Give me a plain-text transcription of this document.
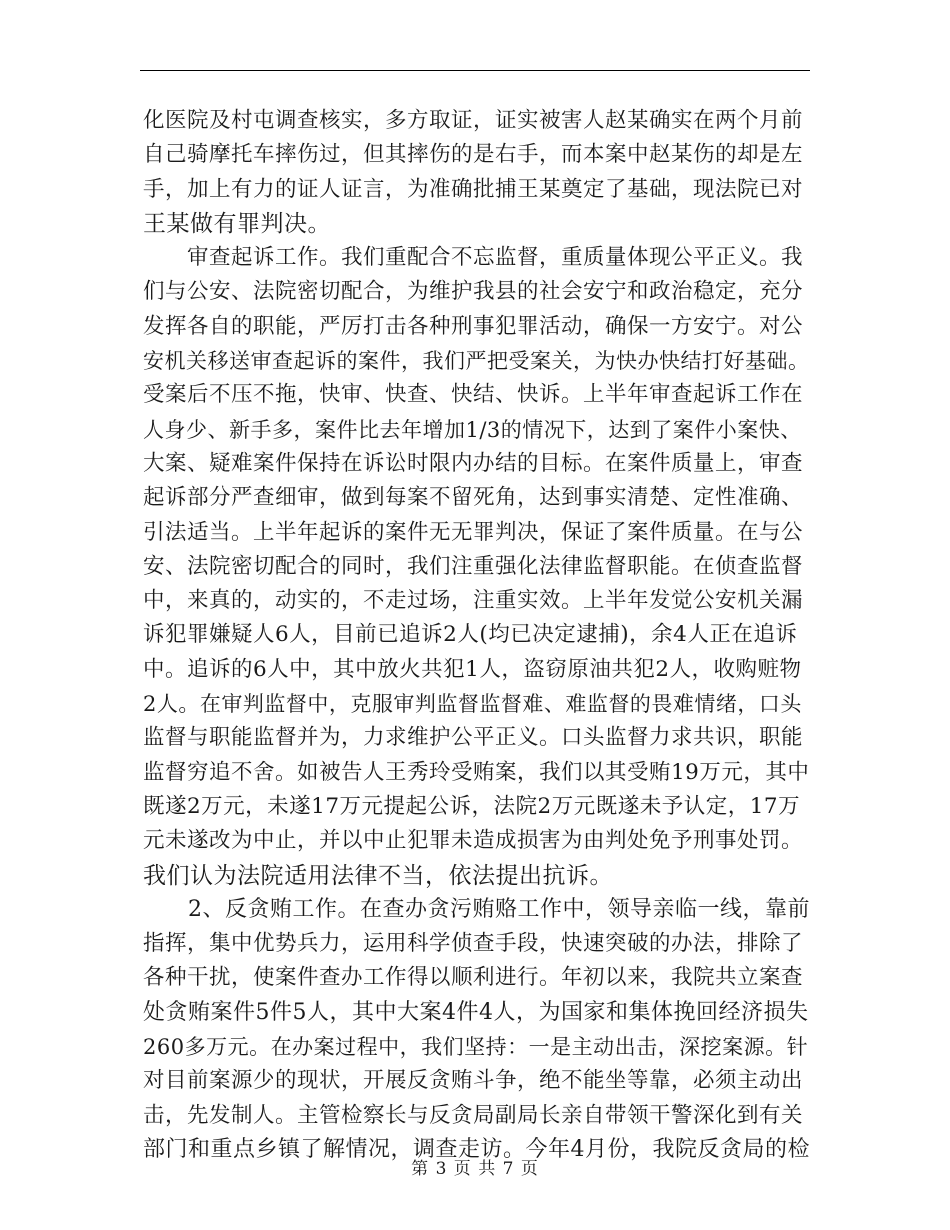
化医院及村屯调查核实，多方取证，证实被害人赵某确实在两个月前
自己骑摩托车摔伤过，但其摔伤的是右手，而本案中赵某伤的却是左
手，加上有力的证人证言，为准确批捕王某奠定了基础，现法院已对
王某做有罪判决。
　　审查起诉工作。我们重配合不忘监督，重质量体现公平正义。我
们与公安、法院密切配合，为维护我县的社会安宁和政治稳定，充分
发挥各自的职能，严厉打击各种刑事犯罪活动，确保一方安宁。对公
安机关移送审查起诉的案件，我们严把受案关，为快办快结打好基础。
受案后不压不拖，快审、快查、快结、快诉。上半年审查起诉工作在
人身少、新手多，案件比去年增加1/3的情况下，达到了案件小案快、
大案、疑难案件保持在诉讼时限内办结的目标。在案件质量上，审查
起诉部分严查细审，做到每案不留死角，达到事实清楚、定性准确、
引法适当。上半年起诉的案件无无罪判决，保证了案件质量。在与公
安、法院密切配合的同时，我们注重强化法律监督职能。在侦查监督
中，来真的，动实的，不走过场，注重实效。上半年发觉公安机关漏
诉犯罪嫌疑人6人，目前已追诉2人(均已决定逮捕)，余4人正在追诉
中。追诉的6人中，其中放火共犯1人，盗窃原油共犯2人，收购赃物
2人。在审判监督中，克服审判监督监督难、难监督的畏难情绪，口头
监督与职能监督并为，力求维护公平正义。口头监督力求共识，职能
监督穷追不舍。如被告人王秀玲受贿案，我们以其受贿19万元，其中
既遂2万元，未遂17万元提起公诉，法院2万元既遂未予认定，17万
元未遂改为中止，并以中止犯罪未造成损害为由判处免予刑事处罚。
我们认为法院适用法律不当，依法提出抗诉。
　　2、反贪贿工作。在查办贪污贿赂工作中，领导亲临一线，靠前
指挥，集中优势兵力，运用科学侦查手段，快速突破的办法，排除了
各种干扰，使案件查办工作得以顺利进行。年初以来，我院共立案查
处贪贿案件5件5人，其中大案4件4人，为国家和集体挽回经济损失
260多万元。在办案过程中，我们坚持：一是主动出击，深挖案源。针
对目前案源少的现状，开展反贪贿斗争，绝不能坐等靠，必须主动出
击，先发制人。主管检察长与反贪局副局长亲自带领干警深化到有关
部门和重点乡镇了解情况，调查走访。今年4月份，我院反贪局的检
第 3 页 共 7 页
